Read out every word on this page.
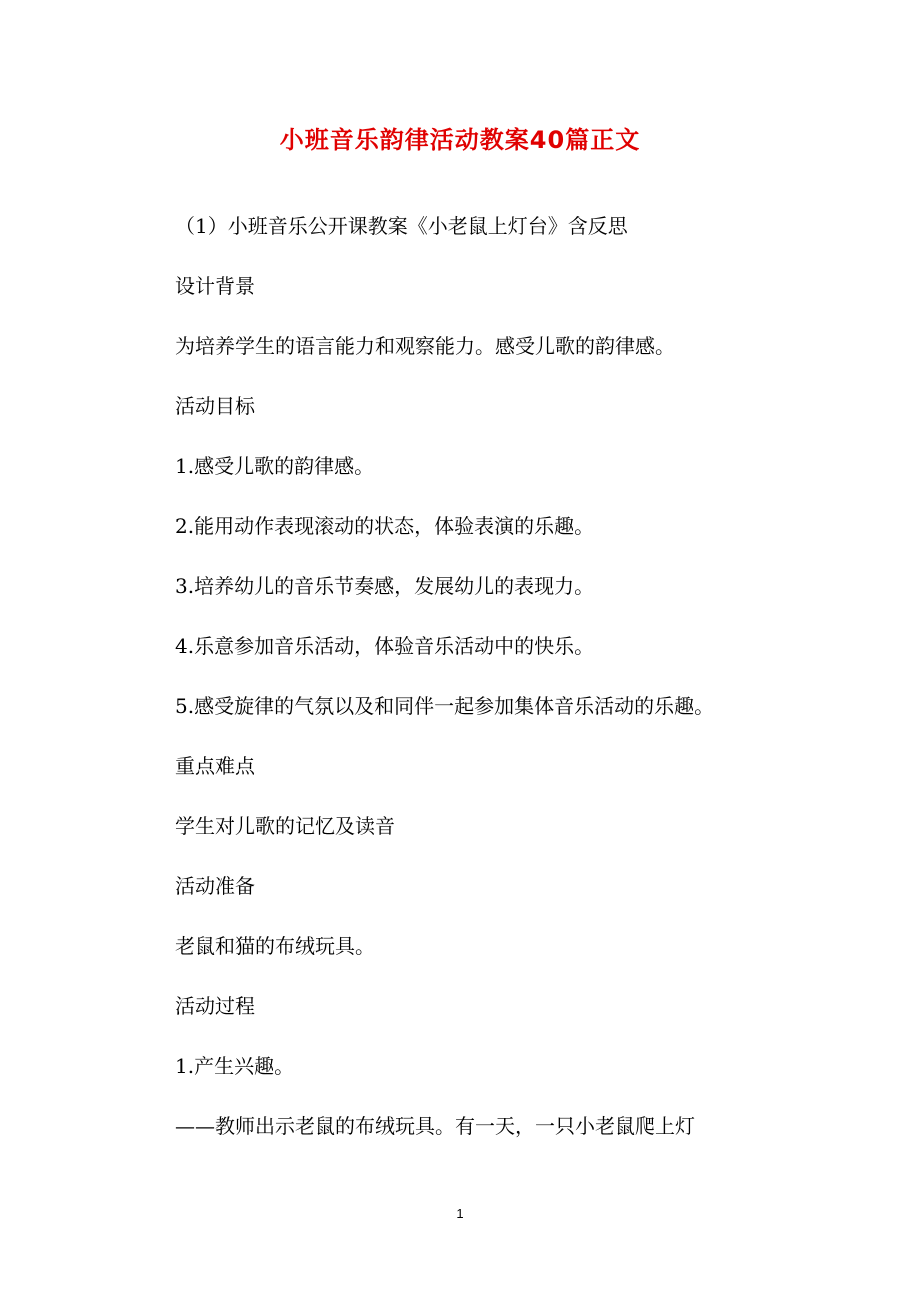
小班音乐韵律活动教案40篇正文
（1）小班音乐公开课教案《小老鼠上灯台》含反思
设计背景
为培养学生的语言能力和观察能力。感受儿歌的韵律感。
活动目标
1.感受儿歌的韵律感。
2.能用动作表现滚动的状态，体验表演的乐趣。
3.培养幼儿的音乐节奏感，发展幼儿的表现力。
4.乐意参加音乐活动，体验音乐活动中的快乐。
5.感受旋律的气氛以及和同伴一起参加集体音乐活动的乐趣。
重点难点
学生对儿歌的记忆及读音
活动准备
老鼠和猫的布绒玩具。
活动过程
1.产生兴趣。
——教师出示老鼠的布绒玩具。有一天，一只小老鼠爬上灯
1
